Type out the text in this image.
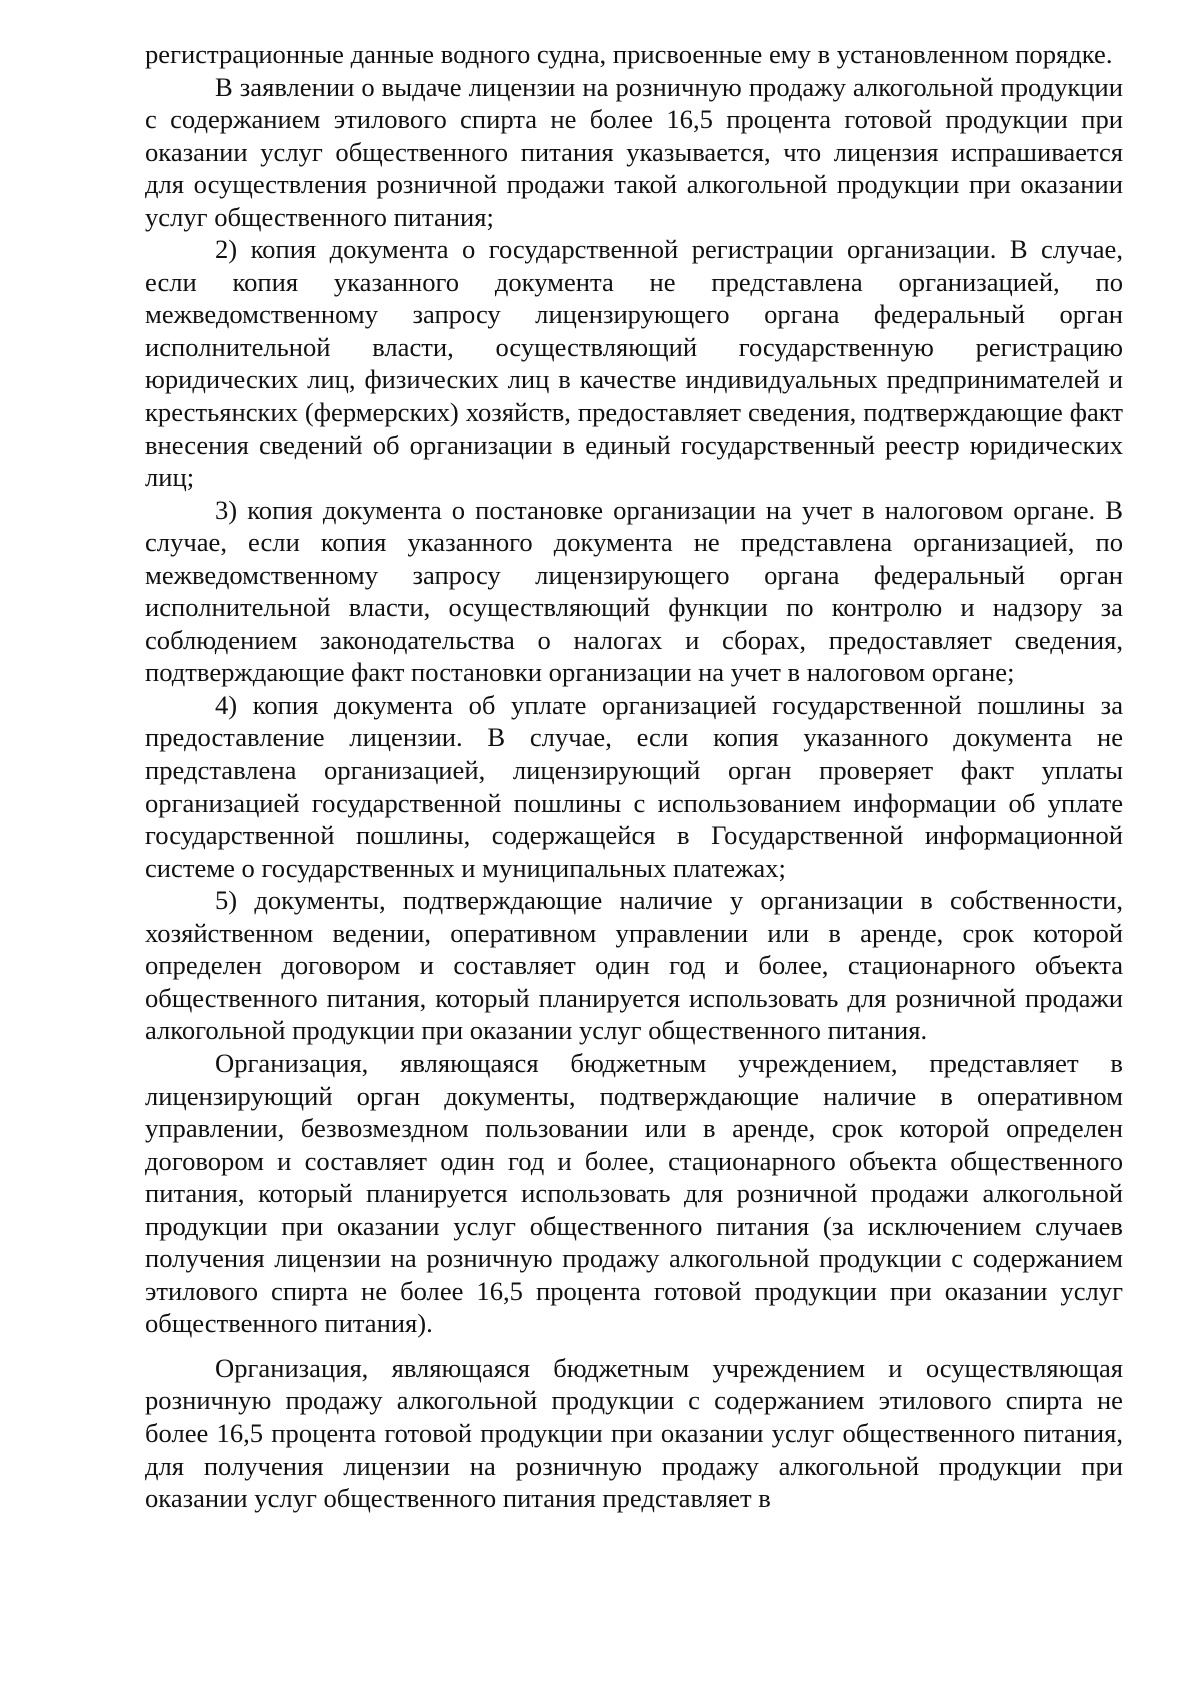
регистрационные данные водного судна, присвоенные ему в установленном порядке.

В заявлении о выдаче лицензии на розничную продажу алкогольной продукции с содержанием этилового спирта не более 16,5 процента готовой продукции при оказании услуг общественного питания указывается, что лицензия испрашивается для осуществления розничной продажи такой алкогольной продукции при оказании услуг общественного питания;

2) копия документа о государственной регистрации организации. В случае, если копия указанного документа не представлена организацией, по межведомственному запросу лицензирующего органа федеральный орган исполнительной власти, осуществляющий государственную регистрацию юридических лиц, физических лиц в качестве индивидуальных предпринимателей и крестьянских (фермерских) хозяйств, предоставляет сведения, подтверждающие факт внесения сведений об организации в единый государственный реестр юридических лиц;

3) копия документа о постановке организации на учет в налоговом органе. В случае, если копия указанного документа не представлена организацией, по межведомственному запросу лицензирующего органа федеральный орган исполнительной власти, осуществляющий функции по контролю и надзору за соблюдением законодательства о налогах и сборах, предоставляет сведения, подтверждающие факт постановки организации на учет в налоговом органе;

4) копия документа об уплате организацией государственной пошлины за предоставление лицензии. В случае, если копия указанного документа не представлена организацией, лицензирующий орган проверяет факт уплаты организацией государственной пошлины с использованием информации об уплате государственной пошлины, содержащейся в Государственной информационной системе о государственных и муниципальных платежах;

5) документы, подтверждающие наличие у организации в собственности, хозяйственном ведении, оперативном управлении или в аренде, срок которой определен договором и составляет один год и более, стационарного объекта общественного питания, который планируется использовать для розничной продажи алкогольной продукции при оказании услуг общественного питания.

Организация, являющаяся бюджетным учреждением, представляет в лицензирующий орган документы, подтверждающие наличие в оперативном управлении, безвозмездном пользовании или в аренде, срок которой определен договором и составляет один год и более, стационарного объекта общественного питания, который планируется использовать для розничной продажи алкогольной продукции при оказании услуг общественного питания (за исключением случаев получения лицензии на розничную продажу алкогольной продукции с содержанием этилового спирта не более 16,5 процента готовой продукции при оказании услуг общественного питания).

Организация, являющаяся бюджетным учреждением и осуществляющая розничную продажу алкогольной продукции с содержанием этилового спирта не более 16,5 процента готовой продукции при оказании услуг общественного питания, для получения лицензии на розничную продажу алкогольной продукции при оказании услуг общественного питания представляет в
